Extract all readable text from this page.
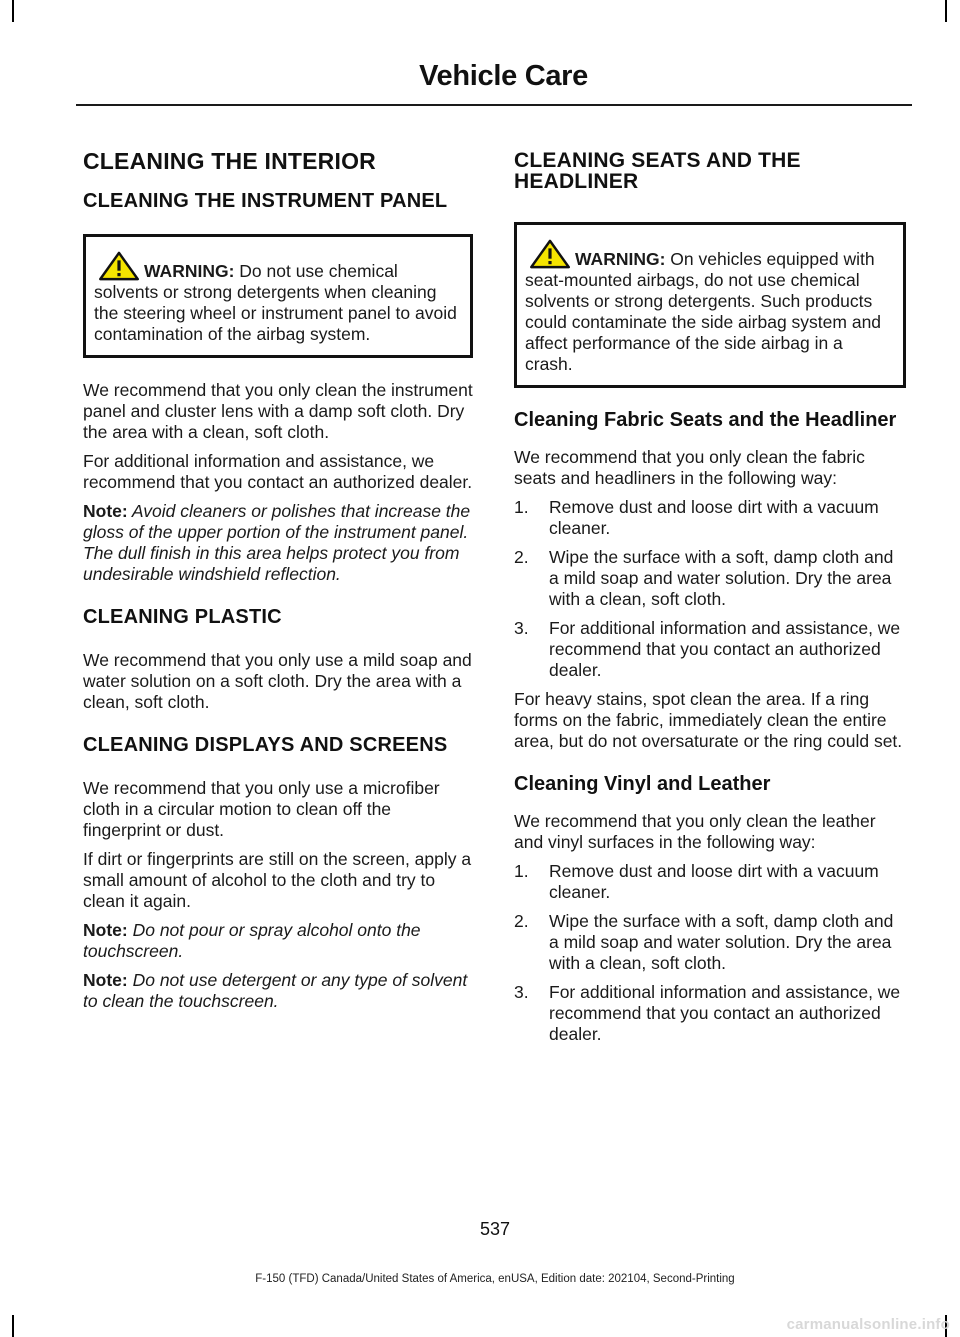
Vehicle Care
CLEANING THE INTERIOR
CLEANING THE INSTRUMENT PANEL
WARNING: Do not use chemical solvents or strong detergents when cleaning the steering wheel or instrument panel to avoid contamination of the airbag system.

We recommend that you only clean the instrument panel and cluster lens with a damp soft cloth. Dry the area with a clean, soft cloth.

For additional information and assistance, we recommend that you contact an authorized dealer.

Note: Avoid cleaners or polishes that increase the gloss of the upper portion of the instrument panel. The dull finish in this area helps protect you from undesirable windshield reflection.

CLEANING PLASTIC

We recommend that you only use a mild soap and water solution on a soft cloth. Dry the area with a clean, soft cloth.

CLEANING DISPLAYS AND SCREENS

We recommend that you only use a microfiber cloth in a circular motion to clean off the fingerprint or dust.

If dirt or fingerprints are still on the screen, apply a small amount of alcohol to the cloth and try to clean it again.

Note: Do not pour or spray alcohol onto the touchscreen.

Note: Do not use detergent or any type of solvent to clean the touchscreen.

CLEANING SEATS AND THE HEADLINER
WARNING: On vehicles equipped with seat-mounted airbags, do not use chemical solvents or strong detergents. Such products could contaminate the side airbag system and affect performance of the side airbag in a crash.
Cleaning Fabric Seats and the Headliner

We recommend that you only clean the fabric seats and headliners in the following way:

1. Remove dust and loose dirt with a vacuum cleaner.
2. Wipe the surface with a soft, damp cloth and a mild soap and water solution. Dry the area with a clean, soft cloth.
3. For additional information and assistance, we recommend that you contact an authorized dealer.

For heavy stains, spot clean the area. If a ring forms on the fabric, immediately clean the entire area, but do not oversaturate or the ring could set.

Cleaning Vinyl and Leather

We recommend that you only clean the leather and vinyl surfaces in the following way:

1. Remove dust and loose dirt with a vacuum cleaner.
2. Wipe the surface with a soft, damp cloth and a mild soap and water solution. Dry the area with a clean, soft cloth.
3. For additional information and assistance, we recommend that you contact an authorized dealer.
537
F-150 (TFD) Canada/United States of America, enUSA, Edition date: 202104, Second-Printing
carmanualsonline.info
